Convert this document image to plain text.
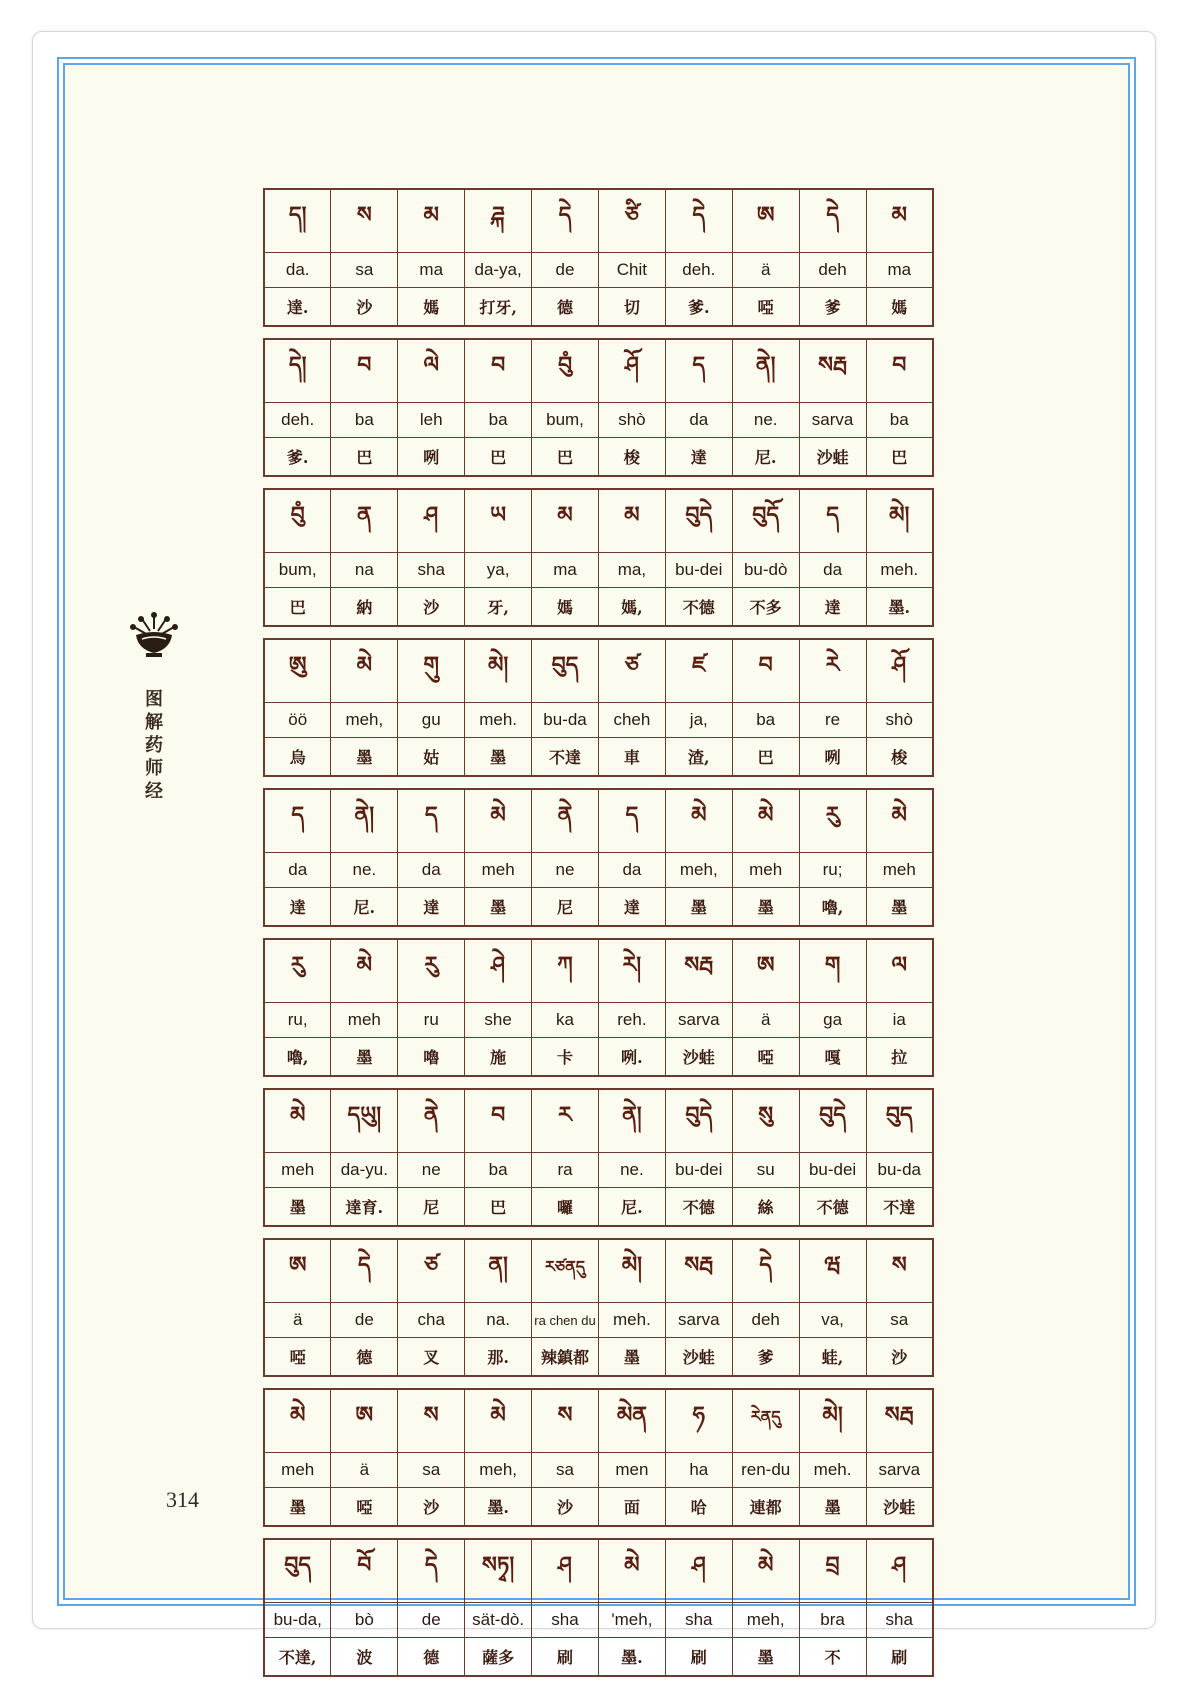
图
解
药
师
经
ད།	ས	མ	ཌྐ	དེ	ཙི	དེ	ཨ	དེ	མ
da.	sa	ma	da-ya,	de	Chit	deh.	ä	deh	ma
達.	沙	媽	打牙,	德	切	爹.	啞	爹	媽
དེ།	བ	ལེ	བ	བུཾ	ཤོ	ད	ནེ།	སརྦ	བ
deh.	ba	leh	ba	bum,	shò	da	ne.	sarva	ba
爹.	巴	咧	巴	巴	梭	達	尼.	沙蛙	巴
བུཾ	ན	ཤ	ཡ	མ	མ	བུདེ	བུདོ	ད	མེ།
bum,	na	sha	ya,	ma	ma,	bu-dei	bu-dò	da	meh.
巴	納	沙	牙,	媽	媽,	不德	不多	達	墨.
ཨུ	མེ	གུ	མེ།	བུད	ཙ	ཛ	བ	རེ	ཤོ
öö	meh,	gu	meh.	bu-da	cheh	ja,	ba	re	shò
烏	墨	姑	墨	不達	車	渣,	巴	咧	梭
ད	ནེ།	ད	མེ	ནེ	ད	མེ	མེ	རུ	མེ
da	ne.	da	meh	ne	da	meh,	meh	ru;	meh
達	尼.	達	墨	尼	達	墨	墨	嚕,	墨
རུ	མེ	རུ	ཤེ	ཀ	རེ།	སརྦ	ཨ	ག	ལ
ru,	meh	ru	she	ka	reh.	sarva	ä	ga	ia
嚕,	墨	嚕	施	卡	咧.	沙蛙	啞	嘎	拉
མེ	དཡུ།	ནེ	བ	ར	ནེ།	བུདེ	སུ	བུདེ	བུད
meh	da-yu.	ne	ba	ra	ne.	bu-dei	su	bu-dei	bu-da
墨	達育.	尼	巴	囉	尼.	不德	絲	不德	不達
ཨ	དེ	ཙ	ན།	རཙནདུ	མེ།	སརྦ	དེ	ཝ	ས
ä	de	cha	na.	ra chen du	meh.	sarva	deh	va,	sa
啞	德	叉	那.	辣鎮都	墨	沙蛙	爹	蛙,	沙
མེ	ཨ	ས	མེ	ས	མེན	ཧ	རེནདུ	མེ།	སརྦ
meh	ä	sa	meh,	sa	men	ha	ren-du	meh.	sarva
墨	啞	沙	墨.	沙	面	哈	連都	墨	沙蛙
བུད	བོ	དེ	སཏྭ།	ཤ	མེ	ཤ	མེ	བྲ	ཤ
bu-da,	bò	de	sät-dò.	sha	'meh,	sha	meh,	bra	sha
不達,	波	德	薩多	刷	墨.	刷	墨	不	刷
314
